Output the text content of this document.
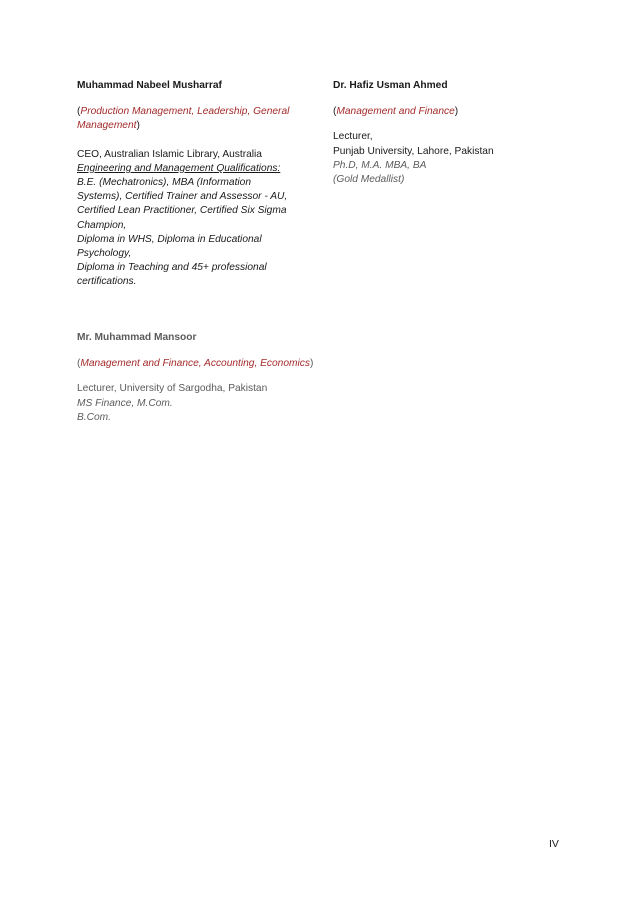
Muhammad Nabeel Musharraf
(Production Management, Leadership, General
Management)
CEO, Australian Islamic Library, Australia
Engineering and Management Qualifications:
B.E. (Mechatronics), MBA (Information
Systems), Certified Trainer and Assessor - AU,
Certified Lean Practitioner, Certified Six Sigma
Champion,
Diploma in WHS, Diploma in Educational
Psychology,
Diploma in Teaching and 45+ professional
certifications.
Dr. Hafiz Usman Ahmed
(Management and Finance)
Lecturer,
Punjab University, Lahore, Pakistan
Ph.D, M.A. MBA, BA
(Gold Medallist)
Mr. Muhammad Mansoor
(Management and Finance, Accounting, Economics)
Lecturer, University of Sargodha, Pakistan
MS Finance, M.Com.
B.Com.
IV
